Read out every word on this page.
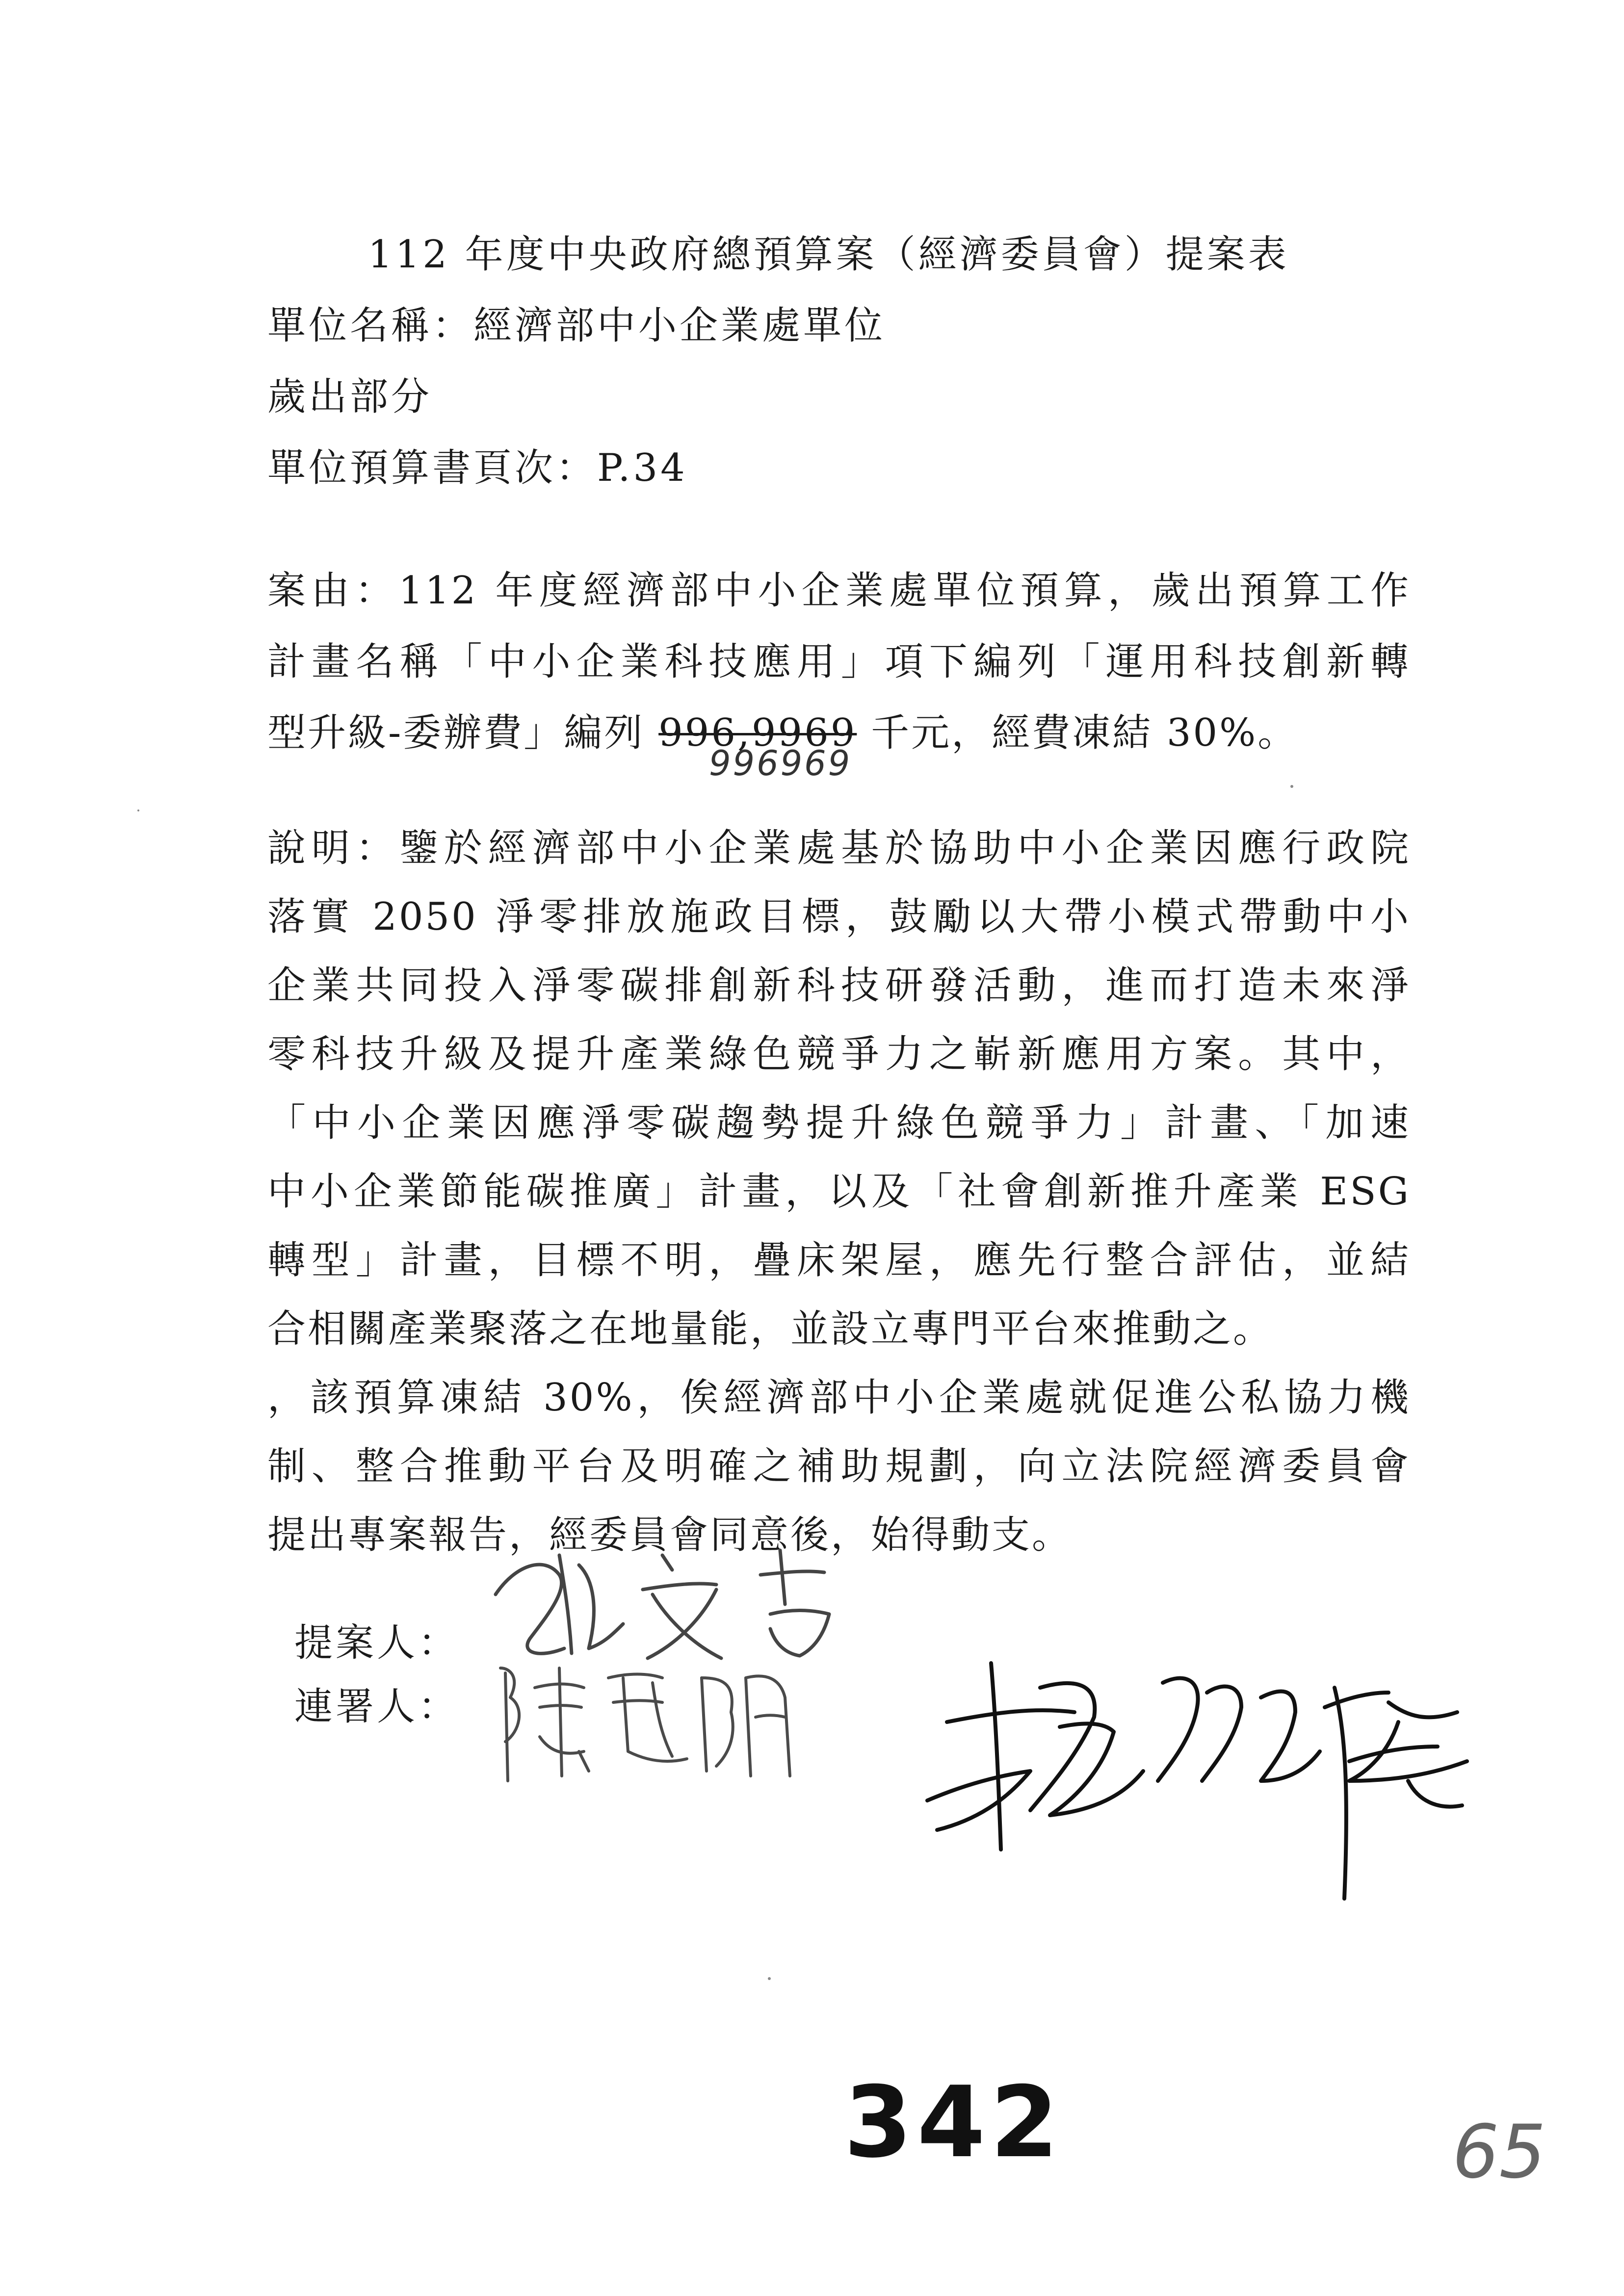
112 年度中央政府總預算案（經濟委員會）提案表
單位名稱：經濟部中小企業處單位
歲出部分
單位預算書頁次：P.34
案由：112 年度經濟部中小企業處單位預算，歲出預算工作
計畫名稱「中小企業科技應用」項下編列「運用科技創新轉
型升級-委辦費」編列 996,9969 千元，經費凍結 30%。
996969
說明：鑒於經濟部中小企業處基於協助中小企業因應行政院
落實 2050 淨零排放施政目標，鼓勵以大帶小模式帶動中小
企業共同投入淨零碳排創新科技研發活動，進而打造未來淨
零科技升級及提升產業綠色競爭力之嶄新應用方案。其中，
「中小企業因應淨零碳趨勢提升綠色競爭力」計畫、「加速
中小企業節能碳推廣」計畫，以及「社會創新推升產業 ESG
轉型」計畫，目標不明，疊床架屋，應先行整合評估，並結
合相關產業聚落之在地量能，並設立專門平台來推動之。
，該預算凍結 30%，俟經濟部中小企業處就促進公私協力機
制、整合推動平台及明確之補助規劃，向立法院經濟委員會
提出專案報告，經委員會同意後，始得動支。
提案人：
連署人：
342	65
